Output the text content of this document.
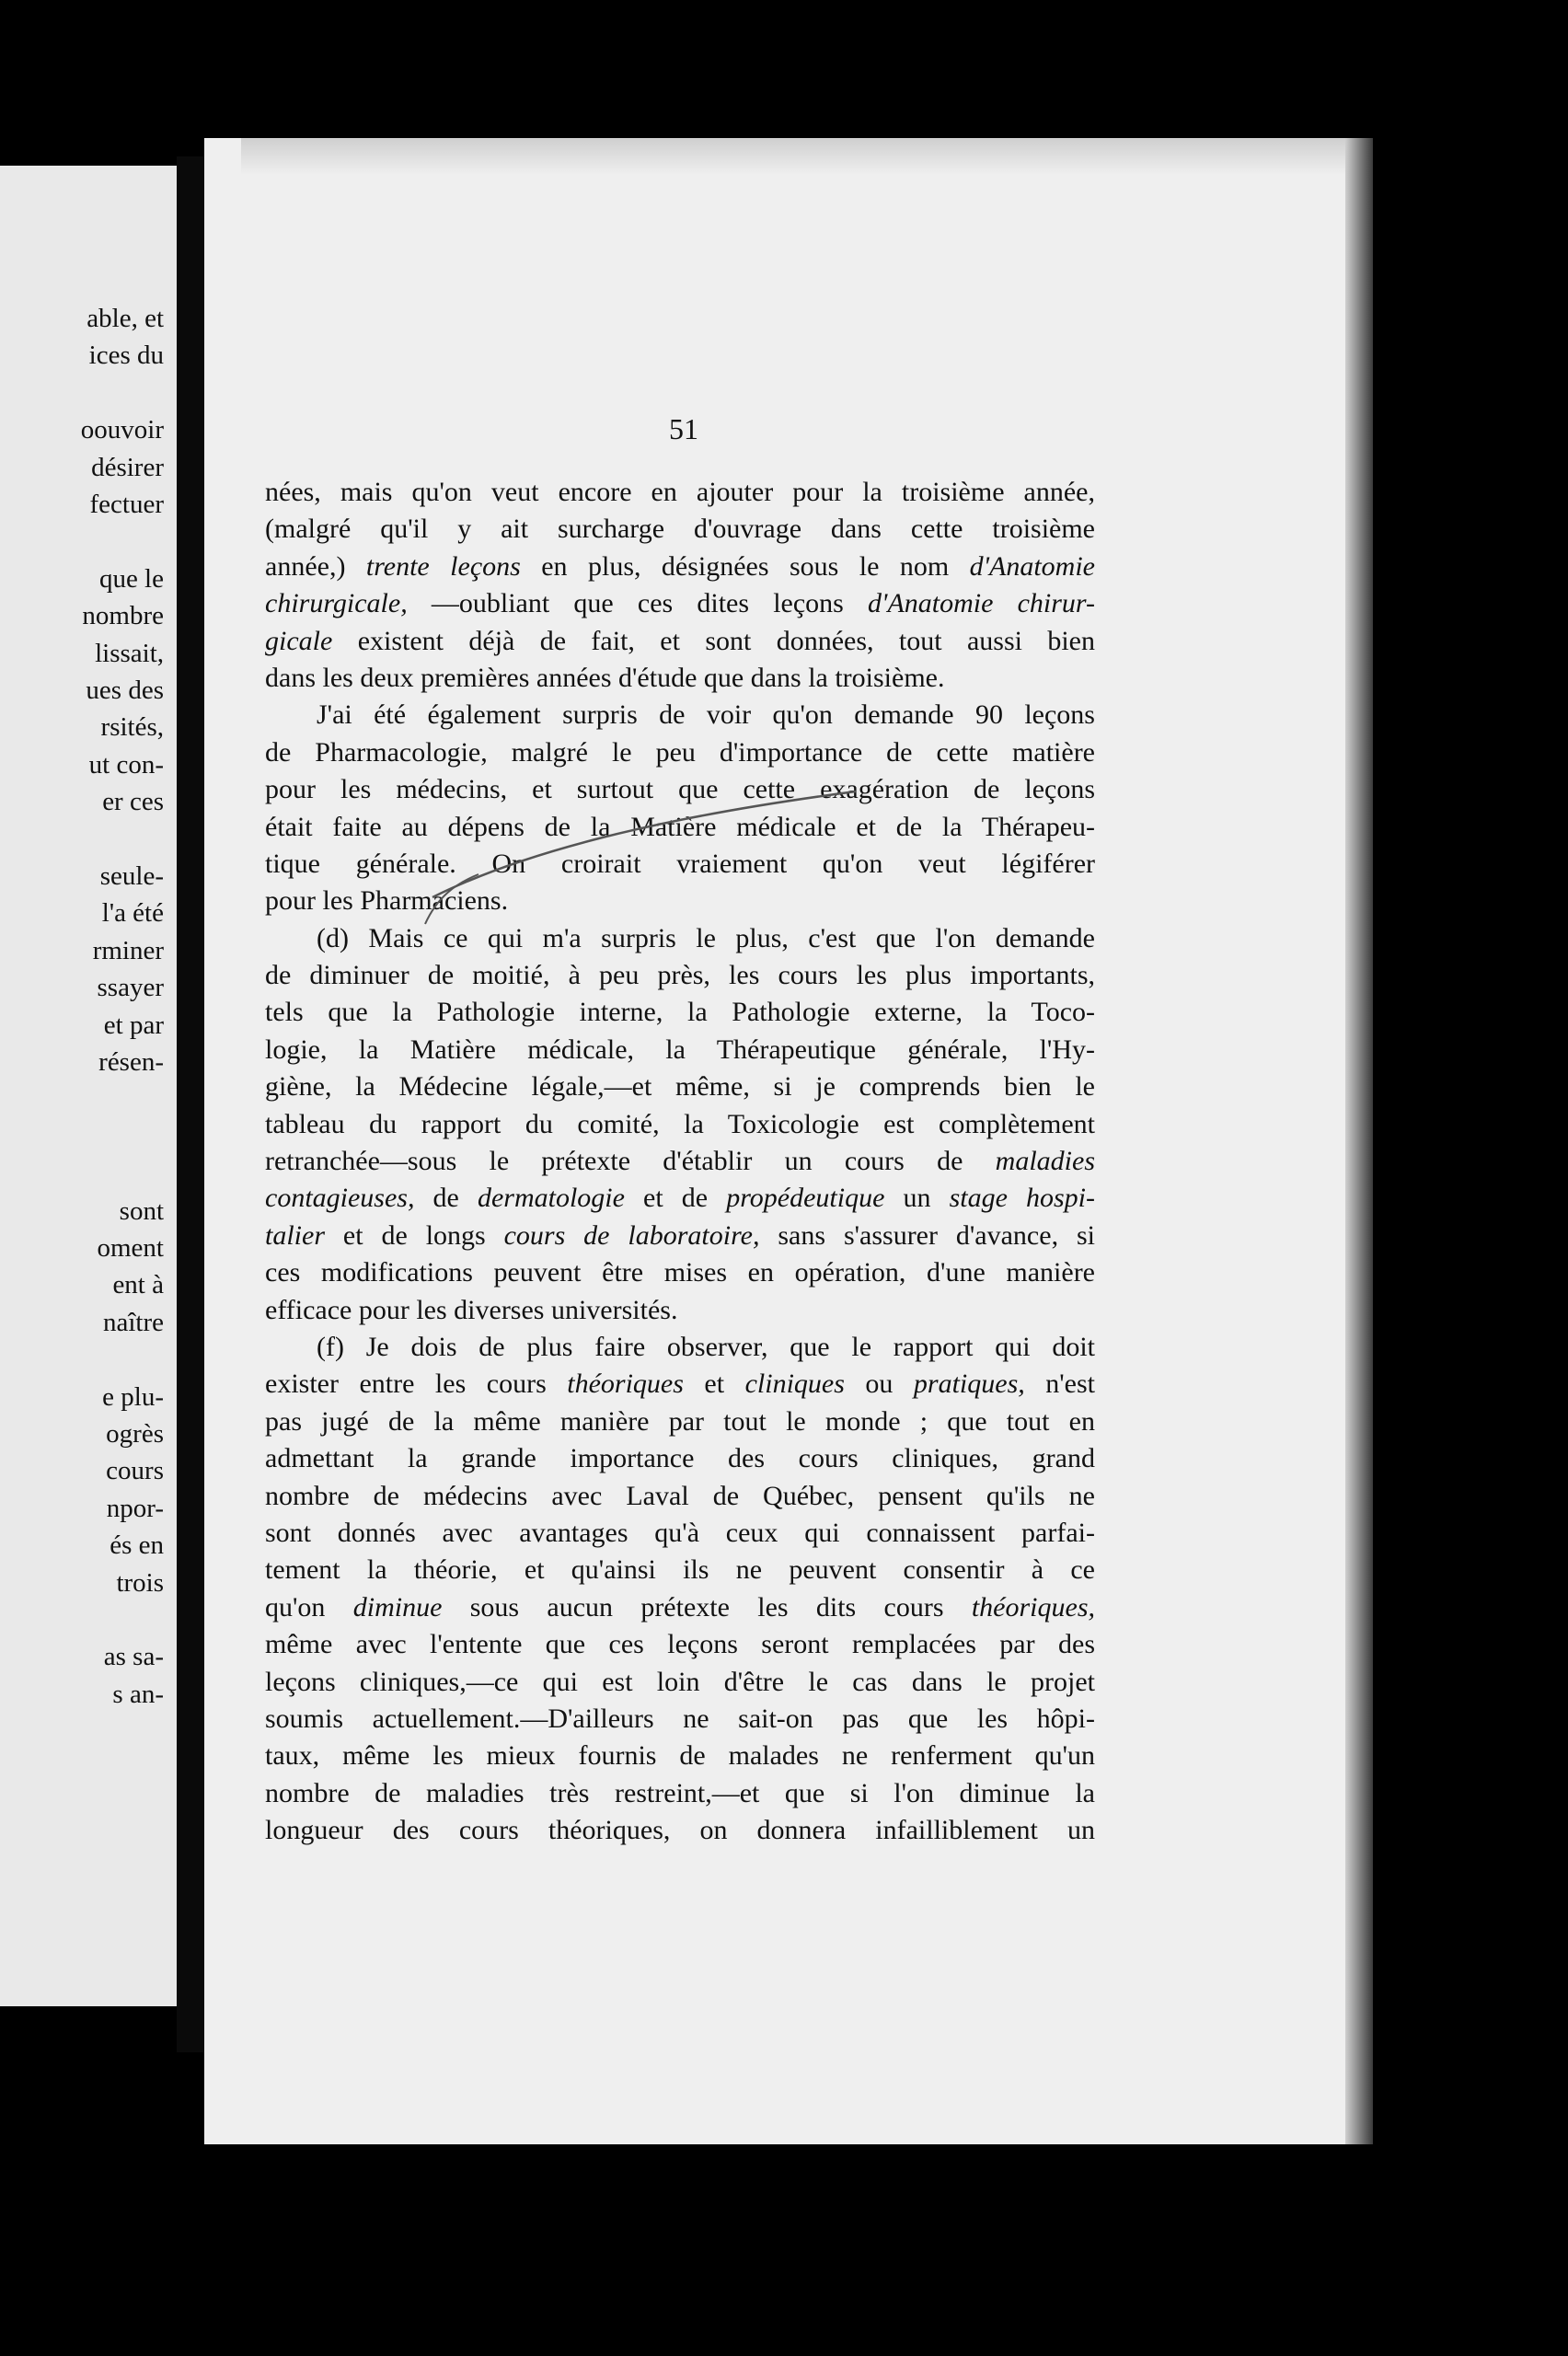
able, et
ices du
oouvoir
désirer
fectuer
que le
nombre
lissait,
ues des
rsités,
ut con-
er ces
seule-
l'a été
rminer
ssayer
et par
résen-
sont
oment
ent à
naître
e plu-
ogrès
cours
npor-
és en
trois
as sa-
s an-
51
nées, mais qu'on veut encore en ajouter pour la troisième année,
(malgré qu'il y ait surcharge d'ouvrage dans cette troisième
année,) trente leçons en plus, désignées sous le nom d'Anatomie
chirurgicale, —oubliant que ces dites leçons d'Anatomie chirur-
gicale existent déjà de fait, et sont données, tout aussi bien
dans les deux premières années d'étude que dans la troisième.
J'ai été également surpris de voir qu'on demande 90 leçons
de Pharmacologie, malgré le peu d'importance de cette matière
pour les médecins, et surtout que cette exagération de leçons
était faite au dépens de la Matière médicale et de la Thérapeu-
tique générale. On croirait vraiement qu'on veut légiférer
pour les Pharmaciens.
(d) Mais ce qui m'a surpris le plus, c'est que l'on demande
de diminuer de moitié, à peu près, les cours les plus importants,
tels que la Pathologie interne, la Pathologie externe, la Toco-
logie, la Matière médicale, la Thérapeutique générale, l'Hy-
giène, la Médecine légale,—et même, si je comprends bien le
tableau du rapport du comité, la Toxicologie est complètement
retranchée—sous le prétexte d'établir un cours de maladies
contagieuses, de dermatologie et de propédeutique un stage hospi-
talier et de longs cours de laboratoire, sans s'assurer d'avance, si
ces modifications peuvent être mises en opération, d'une manière
efficace pour les diverses universités.
(f) Je dois de plus faire observer, que le rapport qui doit
exister entre les cours théoriques et cliniques ou pratiques, n'est
pas jugé de la même manière par tout le monde ; que tout en
admettant la grande importance des cours cliniques, grand
nombre de médecins avec Laval de Québec, pensent qu'ils ne
sont donnés avec avantages qu'à ceux qui connaissent parfai-
tement la théorie, et qu'ainsi ils ne peuvent consentir à ce
qu'on diminue sous aucun prétexte les dits cours théoriques,
même avec l'entente que ces leçons seront remplacées par des
leçons cliniques,—ce qui est loin d'être le cas dans le projet
soumis actuellement.—D'ailleurs ne sait-on pas que les hôpi-
taux, même les mieux fournis de malades ne renferment qu'un
nombre de maladies très restreint,—et que si l'on diminue la
longueur des cours théoriques, on donnera infailliblement un
